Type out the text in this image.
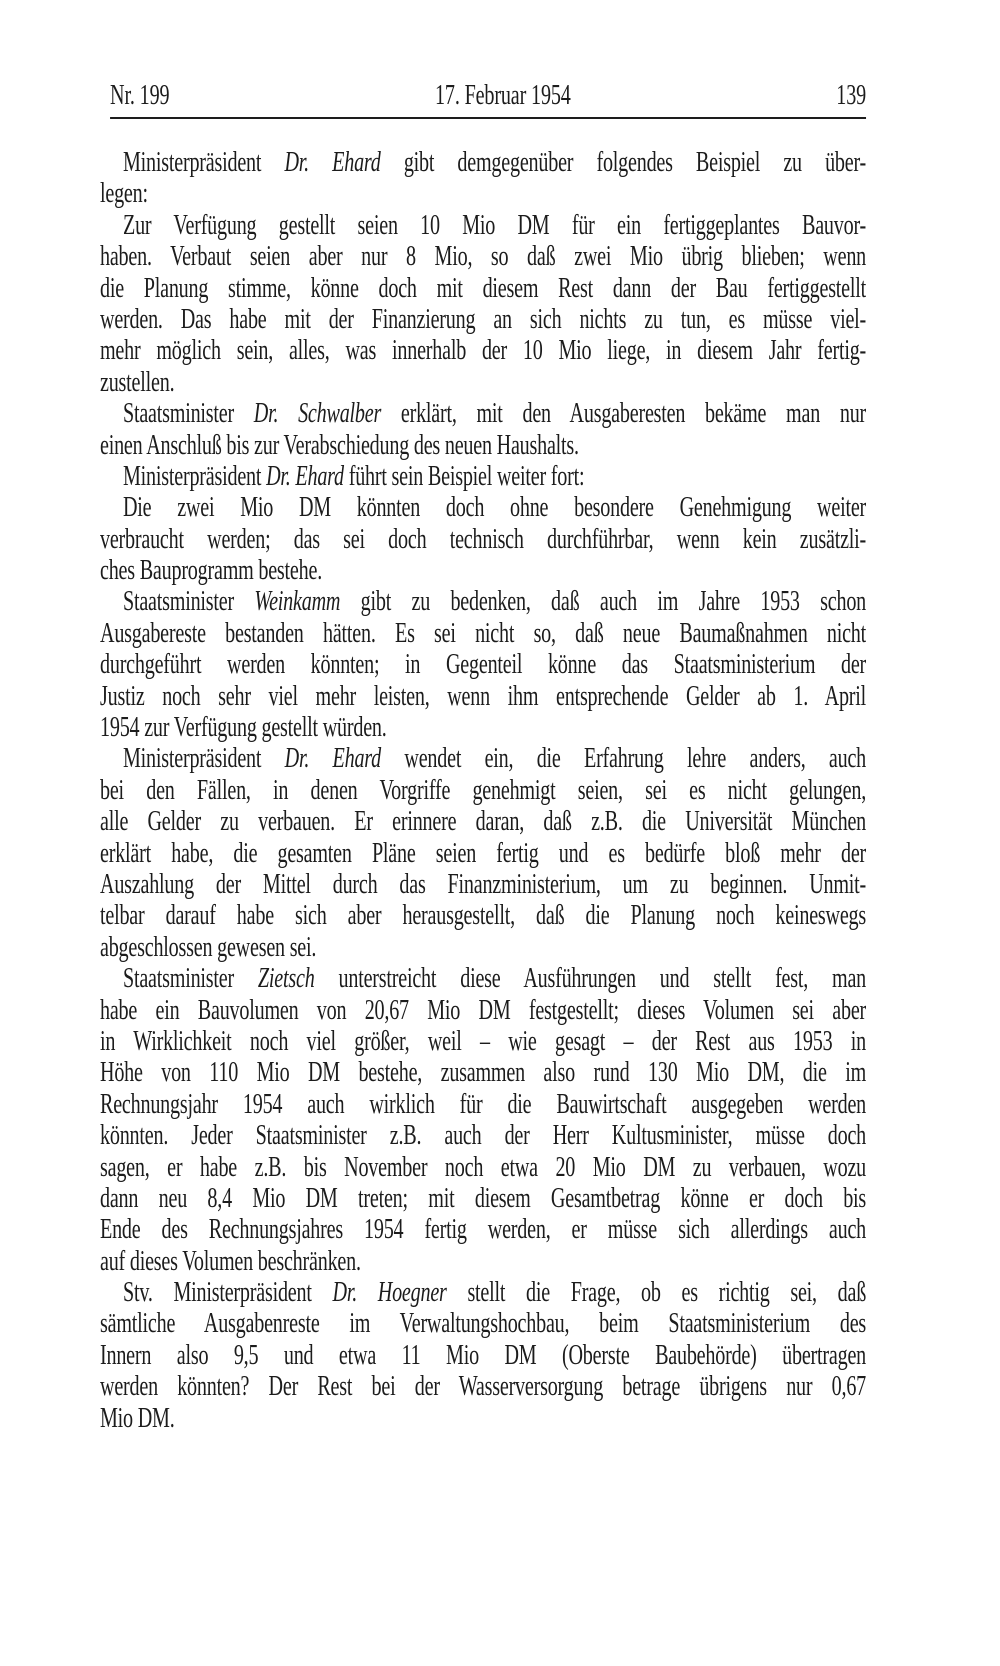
Nr. 199	17. Februar 1954	139
Ministerpräsident Dr. Ehard gibt demgegenüber folgendes Beispiel zu über-
legen:
Zur Verfügung gestellt seien 10 Mio DM für ein fertiggeplantes Bauvor-
haben. Verbaut seien aber nur 8 Mio, so daß zwei Mio übrig blieben; wenn
die Planung stimme, könne doch mit diesem Rest dann der Bau fertiggestellt
werden. Das habe mit der Finanzierung an sich nichts zu tun, es müsse viel-
mehr möglich sein, alles, was innerhalb der 10 Mio liege, in diesem Jahr fertig-
zustellen.
Staatsminister Dr. Schwalber erklärt, mit den Ausgaberesten bekäme man nur
einen Anschluß bis zur Verabschiedung des neuen Haushalts.
Ministerpräsident Dr. Ehard führt sein Beispiel weiter fort:
Die zwei Mio DM könnten doch ohne besondere Genehmigung weiter
verbraucht werden; das sei doch technisch durchführbar, wenn kein zusätzli-
ches Bauprogramm bestehe.
Staatsminister Weinkamm gibt zu bedenken, daß auch im Jahre 1953 schon
Ausgabereste bestanden hätten. Es sei nicht so, daß neue Baumaßnahmen nicht
durchgeführt werden könnten; in Gegenteil könne das Staatsministerium der
Justiz noch sehr viel mehr leisten, wenn ihm entsprechende Gelder ab 1. April
1954 zur Verfügung gestellt würden.
Ministerpräsident Dr. Ehard wendet ein, die Erfahrung lehre anders, auch
bei den Fällen, in denen Vorgriffe genehmigt seien, sei es nicht gelungen,
alle Gelder zu verbauen. Er erinnere daran, daß z.B. die Universität München
erklärt habe, die gesamten Pläne seien fertig und es bedürfe bloß mehr der
Auszahlung der Mittel durch das Finanzministerium, um zu beginnen. Unmit-
telbar darauf habe sich aber herausgestellt, daß die Planung noch keineswegs
abgeschlossen gewesen sei.
Staatsminister Zietsch unterstreicht diese Ausführungen und stellt fest, man
habe ein Bauvolumen von 20,67 Mio DM festgestellt; dieses Volumen sei aber
in Wirklichkeit noch viel größer, weil – wie gesagt – der Rest aus 1953 in
Höhe von 110 Mio DM bestehe, zusammen also rund 130 Mio DM, die im
Rechnungsjahr 1954 auch wirklich für die Bauwirtschaft ausgegeben werden
könnten. Jeder Staatsminister z.B. auch der Herr Kultusminister, müsse doch
sagen, er habe z.B. bis November noch etwa 20 Mio DM zu verbauen, wozu
dann neu 8,4 Mio DM treten; mit diesem Gesamtbetrag könne er doch bis
Ende des Rechnungsjahres 1954 fertig werden, er müsse sich allerdings auch
auf dieses Volumen beschränken.
Stv. Ministerpräsident Dr. Hoegner stellt die Frage, ob es richtig sei, daß
sämtliche Ausgabenreste im Verwaltungshochbau, beim Staatsministerium des
Innern also 9,5 und etwa 11 Mio DM (Oberste Baubehörde) übertragen
werden könnten? Der Rest bei der Wasserversorgung betrage übrigens nur 0,67
Mio DM.
